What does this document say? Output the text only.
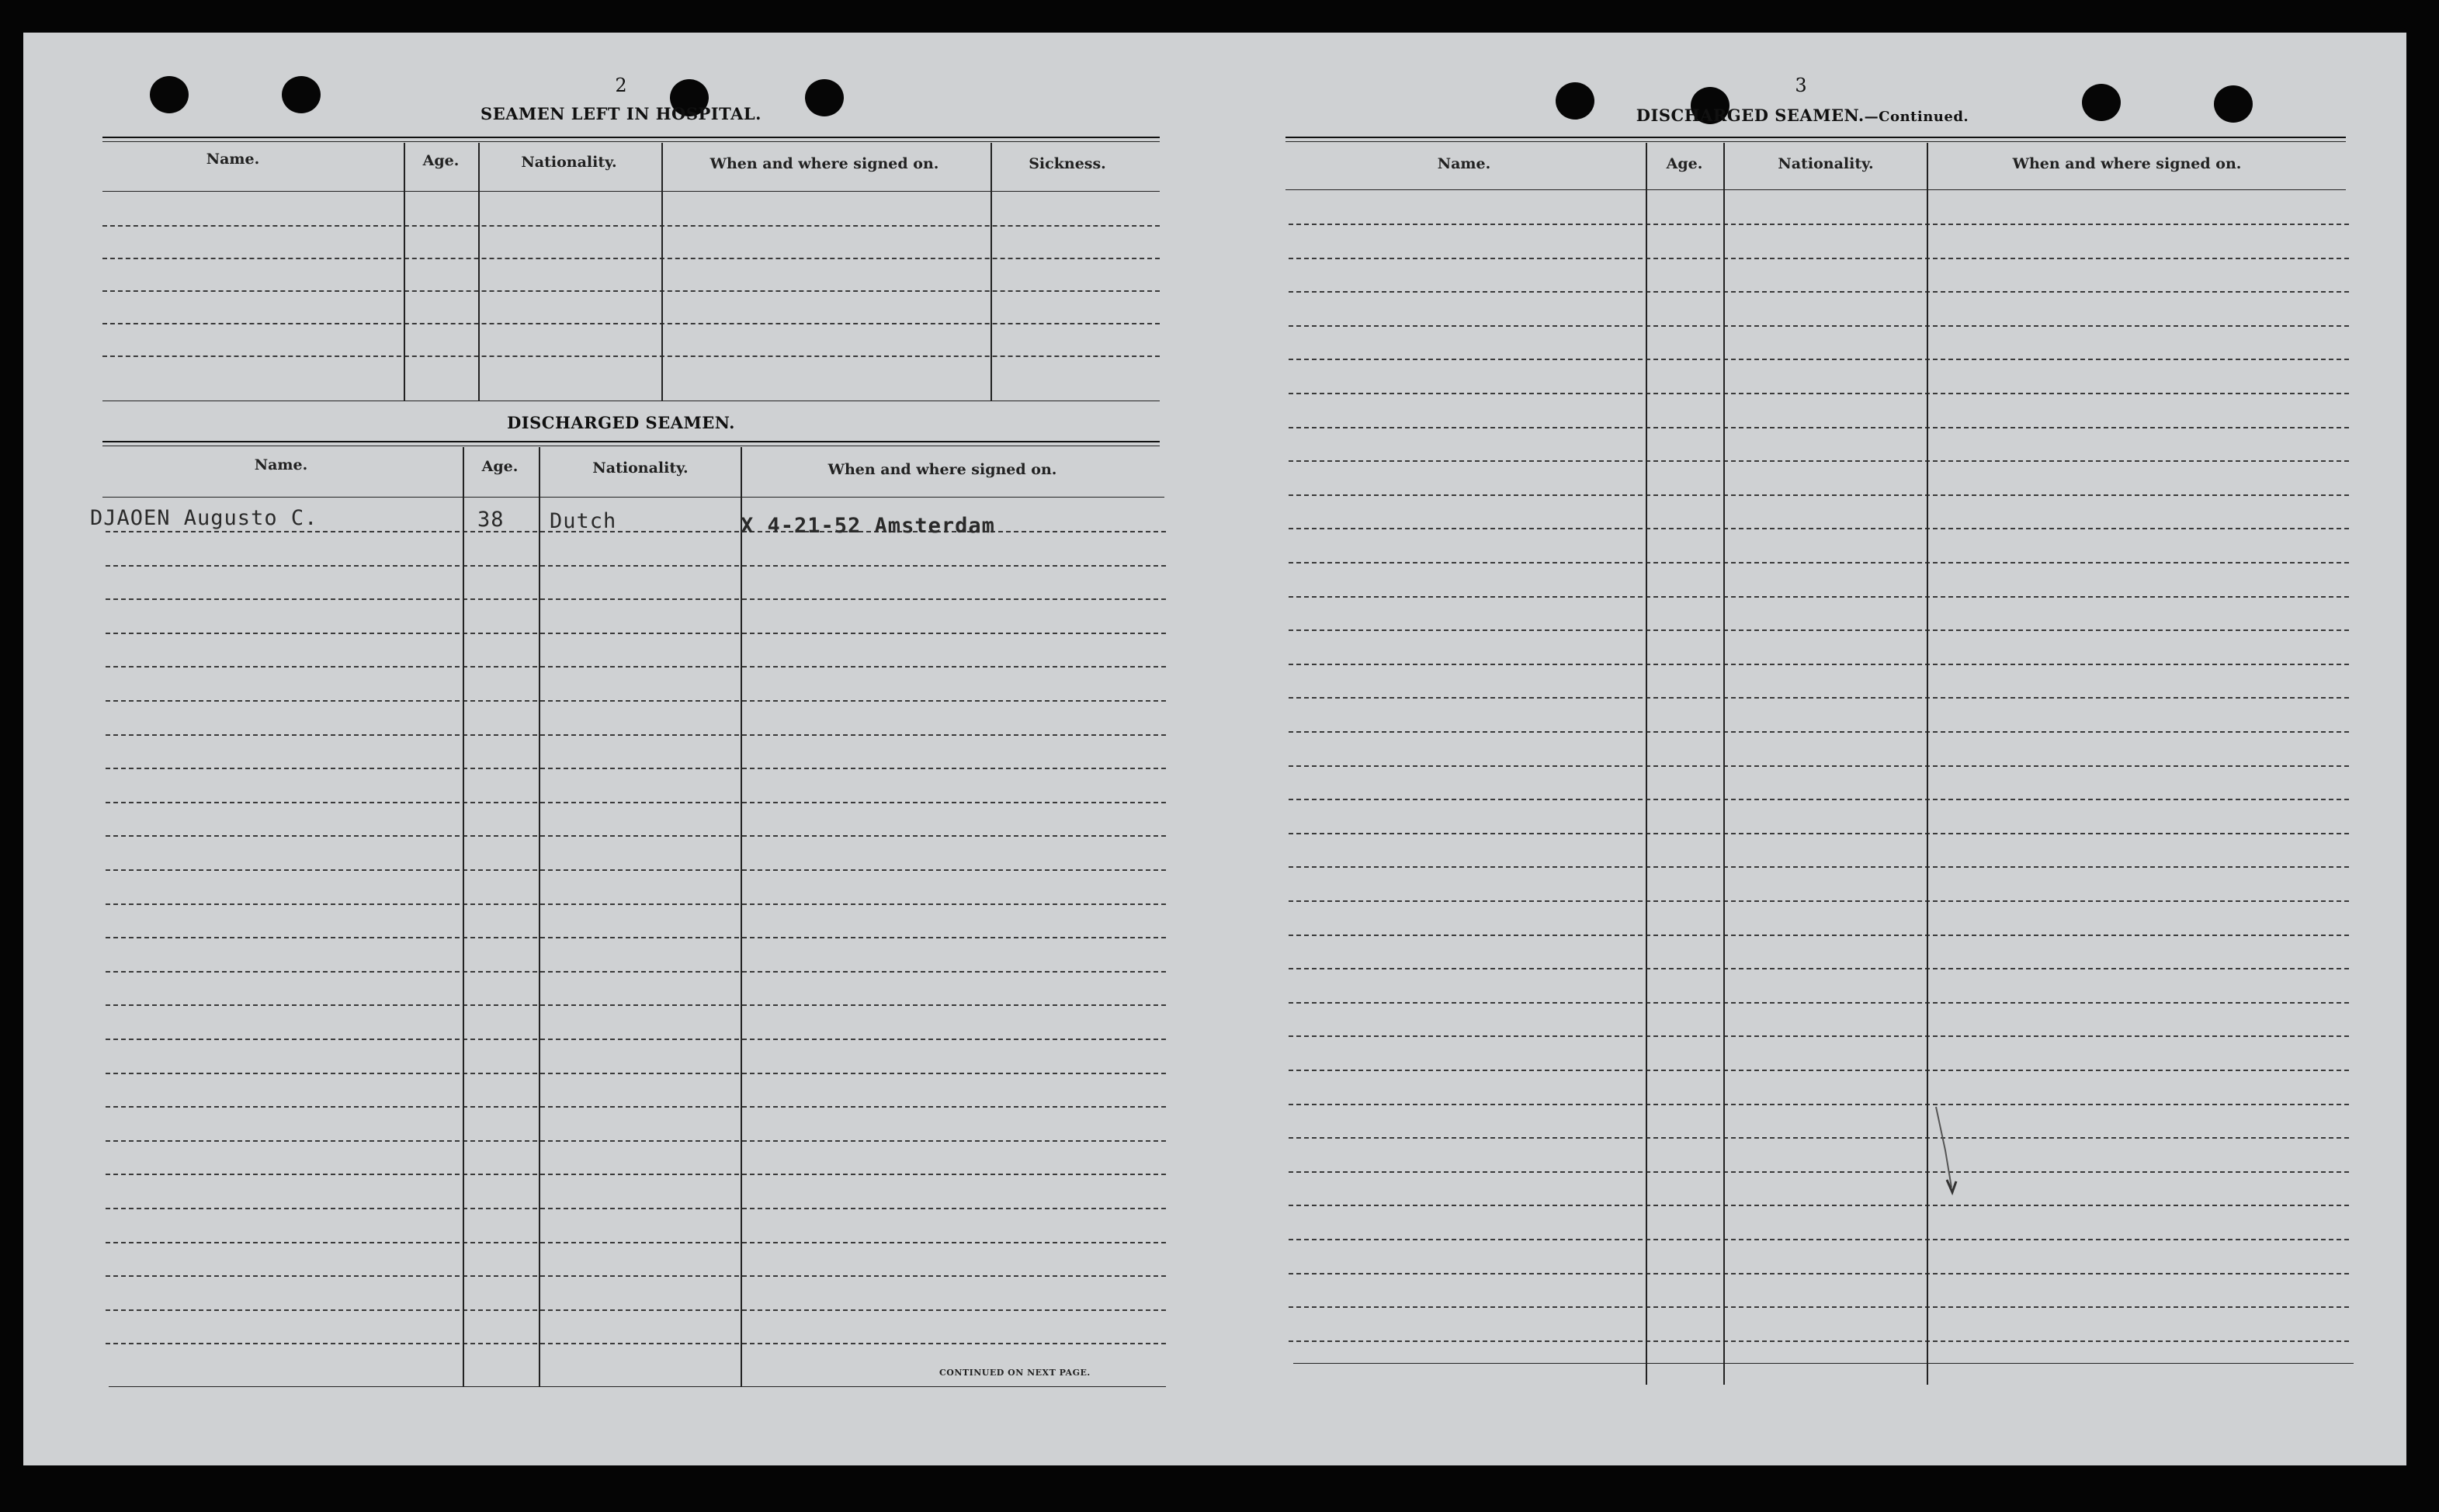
2
SEAMEN LEFT IN HOSPITAL.
Name.	Age.	Nationality.	When and where signed on.	Sickness.
DISCHARGED SEAMEN.
Name.	Age.	Nationality.	When and where signed on.
DJAOEN Augusto C.	38 Dutch	X 4-21-52 Amsterdam
CONTINUED ON NEXT PAGE.
3
DISCHARGED SEAMEN.—Continued.
Name.	Age.	Nationality.	When and where signed on.
